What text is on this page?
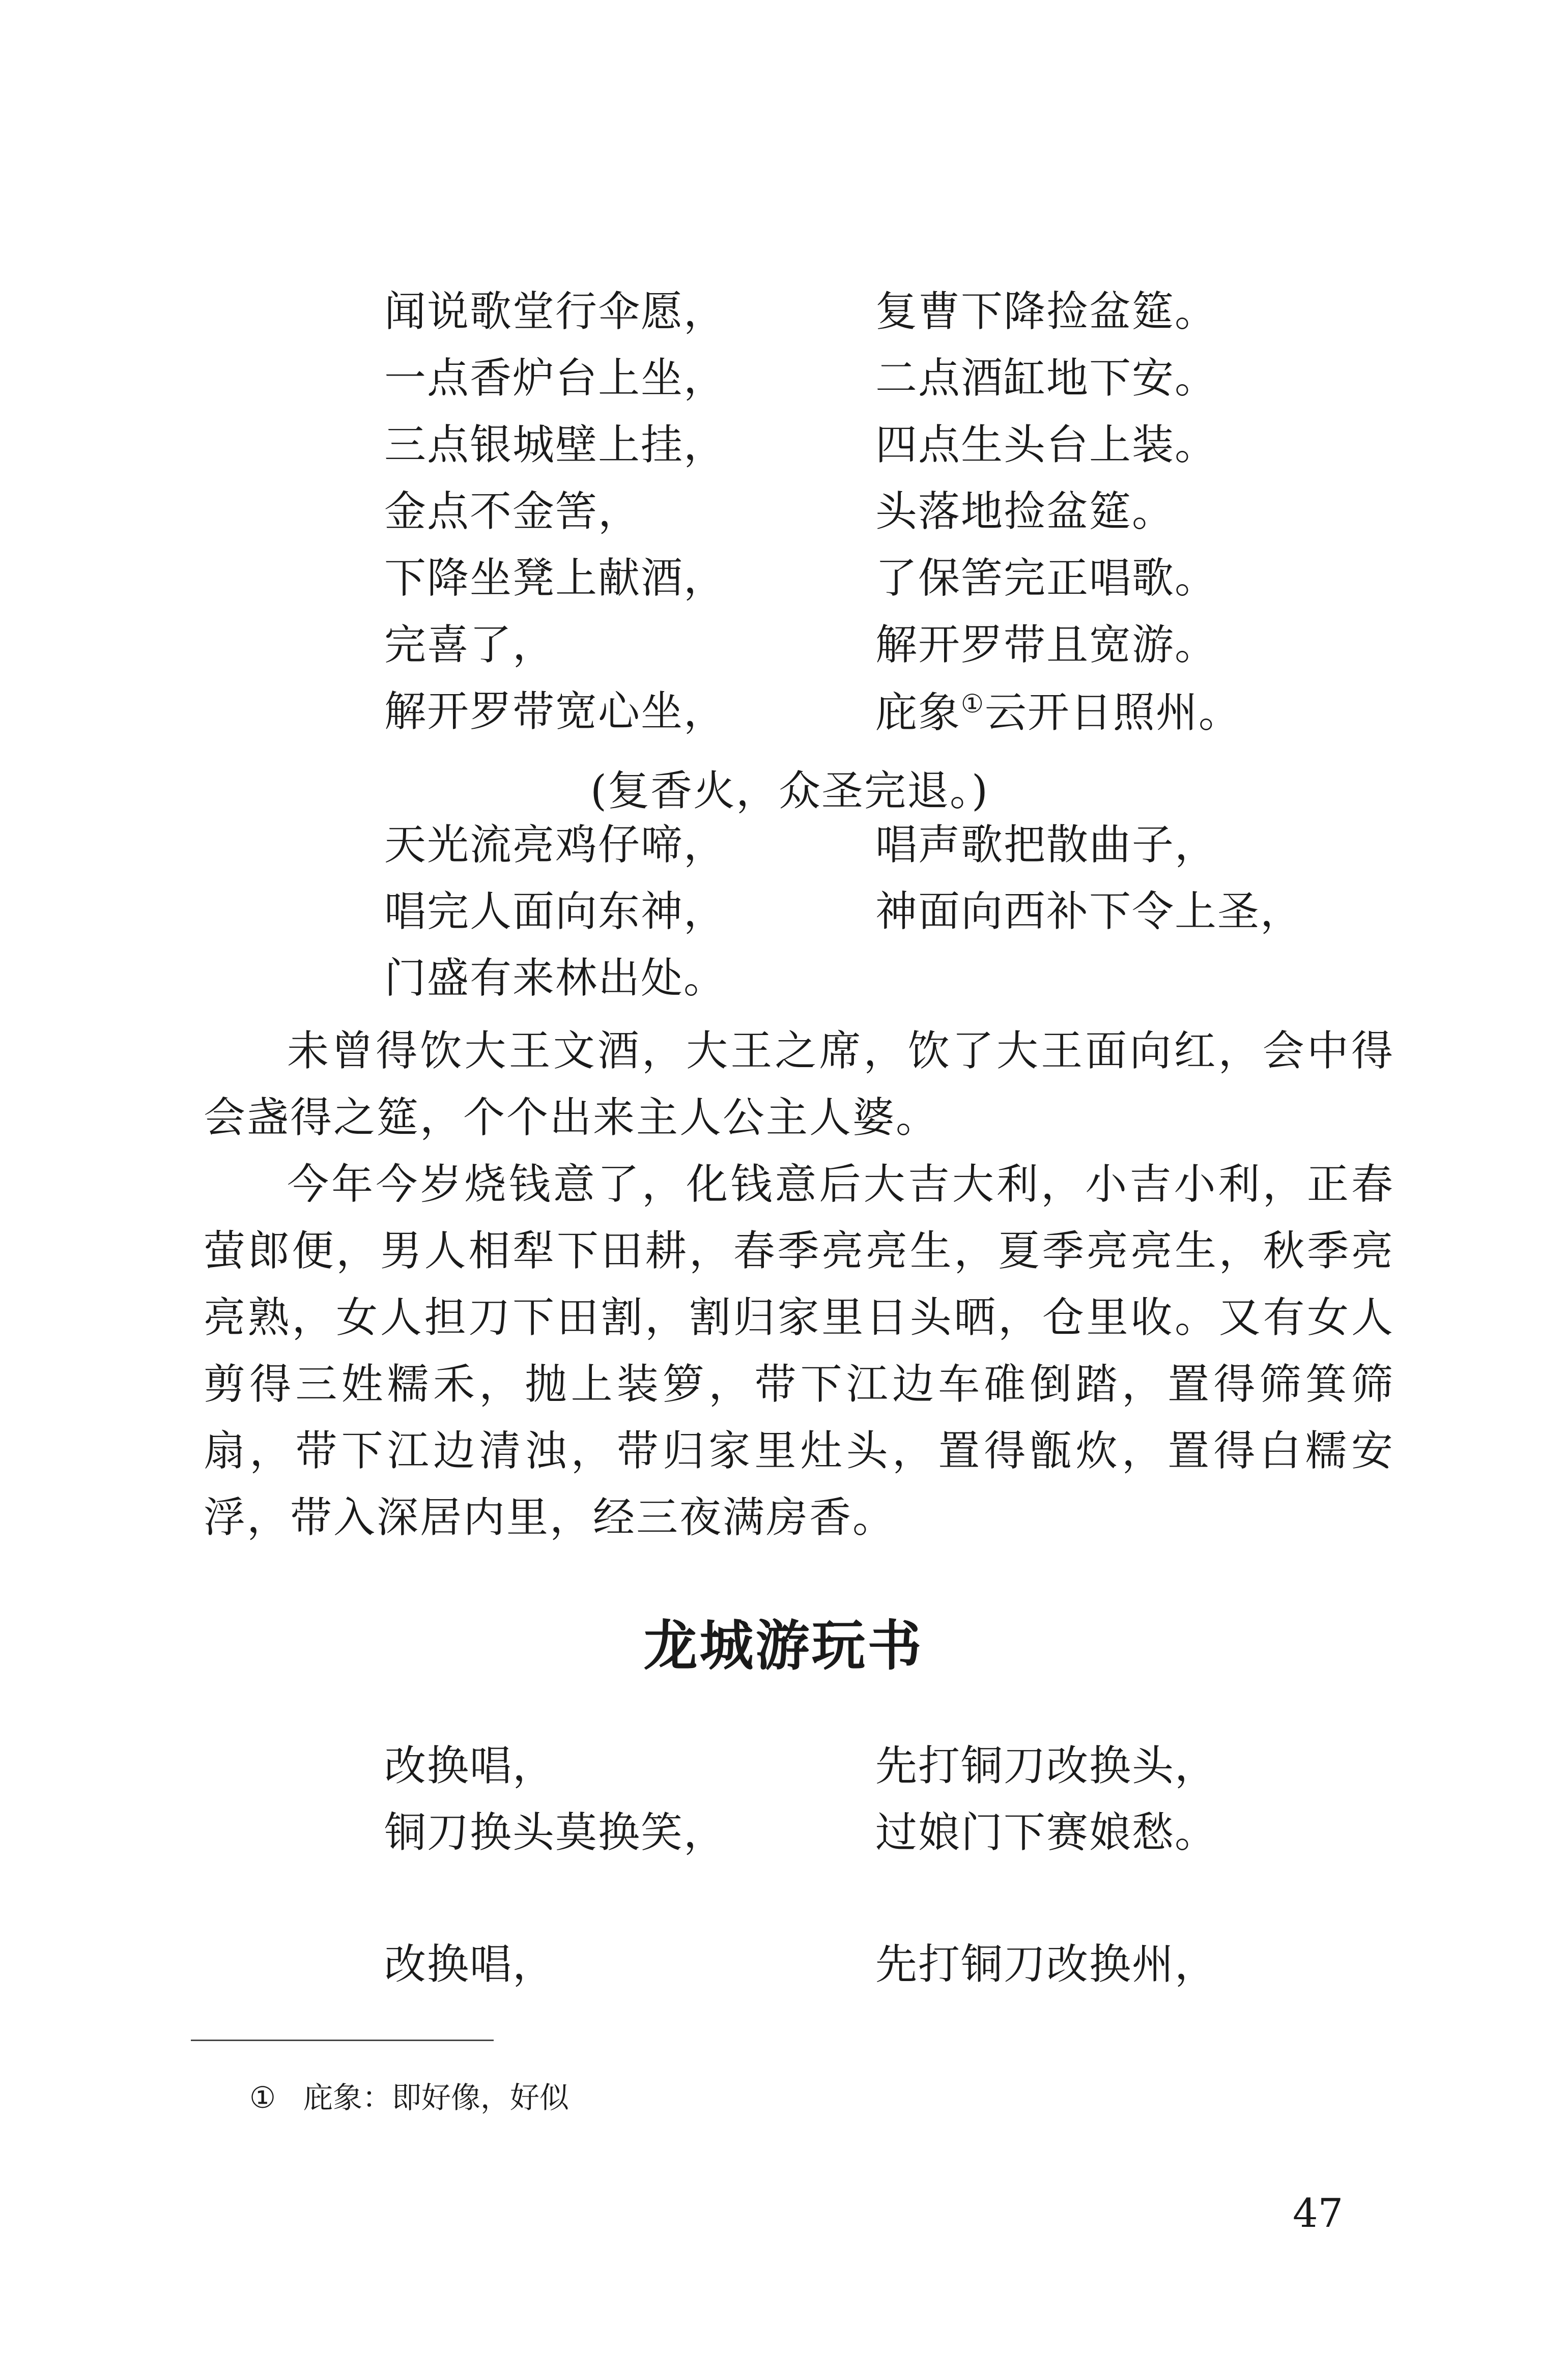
闻说歌堂行伞愿，	复曹下降捡盆筵。
一点香炉台上坐，	二点酒缸地下安。
三点银城壁上挂，	四点生头台上装。
金点不金筈，	头落地捡盆筵。
下降坐凳上献酒，	了保筈完正唱歌。
完喜了，	解开罗带且宽游。
解开罗带宽心坐，	庇象①云开日照州。
(复香火，众圣完退。)
天光流亮鸡仔啼，	唱声歌把散曲子，
唱完人面向东神，	神面向西补下令上圣，
门盛有来林出处。
未曾得饮大王文酒，大王之席，饮了大王面向红，会中得会盏得之筵，个个出来主人公主人婆。
今年今岁烧钱意了，化钱意后大吉大利，小吉小利，正春萤郎便，男人相犁下田耕，春季亮亮生，夏季亮亮生，秋季亮亮熟，女人担刀下田割，割归家里日头晒，仓里收。又有女人剪得三姓糯禾，抛上装箩，带下江边车碓倒踏，置得筛箕筛扇，带下江边清浊，带归家里灶头，置得甑炊，置得白糯安浮，带入深居内里，经三夜满房香。
龙城游玩书
改换唱，	先打铜刀改换头，
铜刀换头莫换笑，	过娘门下赛娘愁。
改换唱，	先打铜刀改换州，
① 庇象：即好像，好似
47
